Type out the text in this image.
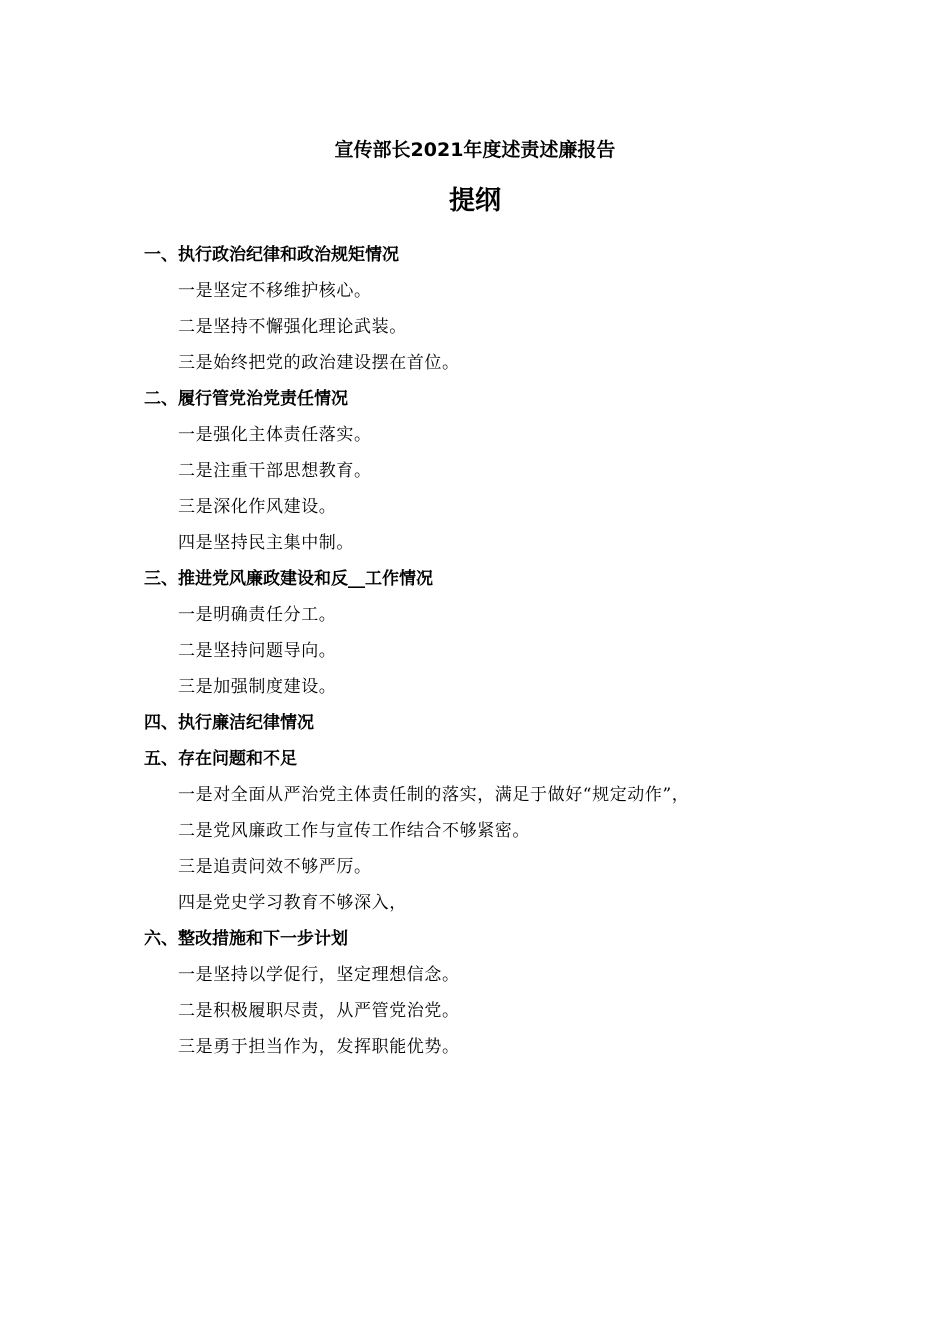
宣传部长2021年度述责述廉报告
提纲
一、执行政治纪律和政治规矩情况
一是坚定不移维护核心。
二是坚持不懈强化理论武装。
三是始终把党的政治建设摆在首位。
二、履行管党治党责任情况
一是强化主体责任落实。
二是注重干部思想教育。
三是深化作风建设。
四是坚持民主集中制。
三、推进党风廉政建设和反__工作情况
一是明确责任分工。
二是坚持问题导向。
三是加强制度建设。
四、执行廉洁纪律情况
五、存在问题和不足
一是对全面从严治党主体责任制的落实，满足于做好“规定动作”，
二是党风廉政工作与宣传工作结合不够紧密。
三是追责问效不够严厉。
四是党史学习教育不够深入，
六、整改措施和下一步计划
一是坚持以学促行，坚定理想信念。
二是积极履职尽责，从严管党治党。
三是勇于担当作为，发挥职能优势。
